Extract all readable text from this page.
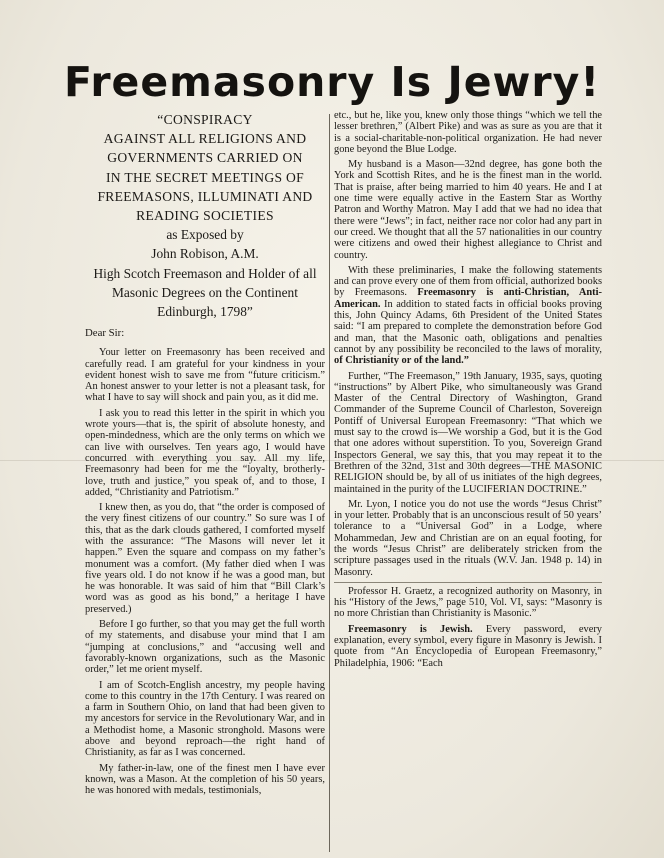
Freemasonry Is Jewry!
“CONSPIRACY
AGAINST ALL RELIGIONS AND
GOVERNMENTS CARRIED ON
IN THE SECRET MEETINGS OF
FREEMASONS, ILLUMINATI AND
READING SOCIETIES
as Exposed by
John Robison, A.M.
High Scotch Freemason and Holder of all
Masonic Degrees on the Continent
Edinburgh, 1798”
Dear Sir:
Your letter on Freemasonry has been received and carefully read. I am grateful for your kindness in your evident honest wish to save me from “future criticism.” An honest answer to your letter is not a pleasant task, for what I have to say will shock and pain you, as it did me.
I ask you to read this letter in the spirit in which you wrote yours—that is, the spirit of absolute honesty, and open-mindedness, which are the only terms on which we can live with ourselves. Ten years ago, I would have concurred with everything you say. All my life, Freemasonry had been for me the “loyalty, brotherly-love, truth and justice,” you speak of, and to those, I added, “Christianity and Patriotism.”
I knew then, as you do, that “the order is composed of the very finest citizens of our country.” So sure was I of this, that as the dark clouds gathered, I comforted myself with the assurance: “The Masons will never let it happen.” Even the square and compass on my father’s monument was a comfort. (My father died when I was five years old. I do not know if he was a good man, but he was honorable. It was said of him that “Bill Clark’s word was as good as his bond,” a heritage I have preserved.)
Before I go further, so that you may get the full worth of my statements, and disabuse your mind that I am “jumping at conclusions,” and “accusing well and favorably-known organizations, such as the Masonic order,” let me orient myself.
I am of Scotch-English ancestry, my people having come to this country in the 17th Century. I was reared on a farm in Southern Ohio, on land that had been given to my ancestors for service in the Revolutionary War, and in a Methodist home, a Masonic stronghold. Masons were above and beyond reproach—the right hand of Christianity, as far as I was concerned.
My father-in-law, one of the finest men I have ever known, was a Mason. At the completion of his 50 years, he was honored with medals, testimonials,
etc., but he, like you, knew only those things “which we tell the lesser brethren,” (Albert Pike) and was as sure as you are that it is a social-charitable-non-political organization. He had never gone beyond the Blue Lodge.
My husband is a Mason—32nd degree, has gone both the York and Scottish Rites, and he is the finest man in the world. That is praise, after being married to him 40 years. He and I at one time were equally active in the Eastern Star as Worthy Patron and Worthy Matron. May I add that we had no idea that there were “Jews”; in fact, neither race nor color had any part in our creed. We thought that all the 57 nationalities in our country were citizens and owed their highest allegiance to Christ and country.
With these preliminaries, I make the following statements and can prove every one of them from official, authorized books by Freemasons. Freemasonry is anti-Christian, Anti-American. In addition to stated facts in official books proving this, John Quincy Adams, 6th President of the United States said: “I am prepared to complete the demonstration before God and man, that the Masonic oath, obligations and penalties cannot by any possibility be reconciled to the laws of morality, of Christianity or of the land.”
Further, “The Freemason,” 19th January, 1935, says, quoting “instructions” by Albert Pike, who simultaneously was Grand Master of the Central Directory of Washington, Grand Commander of the Supreme Council of Charleston, Sovereign Pontiff of Universal European Freemasonry: “That which we must say to the crowd is—We worship a God, but it is the God that one adores without superstition. To you, Sovereign Grand Inspectors General, we say this, that you may repeat it to the Brethren of the 32nd, 31st and 30th degrees—THE MASONIC RELIGION should be, by all of us initiates of the high degrees, maintained in the purity of the LUCIFERIAN DOCTRINE.”
Mr. Lyon, I notice you do not use the words “Jesus Christ” in your letter. Probably that is an unconscious result of 50 years’ tolerance to a “Universal God” in a Lodge, where Mohammedan, Jew and Christian are on an equal footing, for the words “Jesus Christ” are deliberately stricken from the scripture passages used in the rituals (W.V. Jan. 1948 p. 14) in Masonry.
Professor H. Graetz, a recognized authority on Masonry, in his “History of the Jews,” page 510, Vol. VI, says: “Masonry is no more Christian than Christianity is Masonic.”
Freemasonry is Jewish. Every password, every explanation, every symbol, every figure in Masonry is Jewish. I quote from “An Encyclopedia of European Freemasonry,” Philadelphia, 1906: “Each
